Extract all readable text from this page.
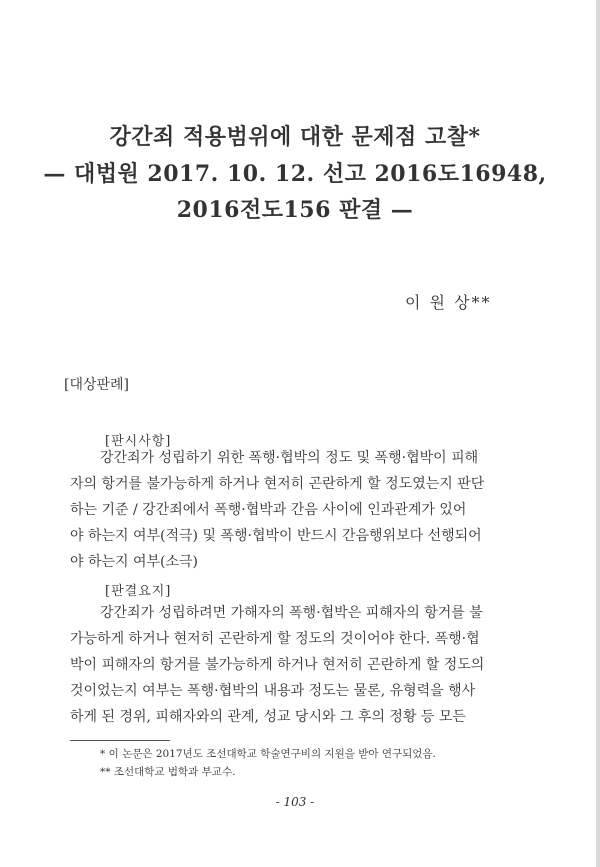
강간죄 적용범위에 대한 문제점 고찰*
— 대법원 2017. 10. 12. 선고 2016도16948,
2016전도156 판결 —
이 원 상**
[대상판례]
[판시사항]
강간죄가 성립하기 위한 폭행·협박의 정도 및 폭행·협박이 피해
자의 항거를 불가능하게 하거나 현저히 곤란하게 할 정도였는지 판단
하는 기준 / 강간죄에서 폭행·협박과 간음 사이에 인과관계가 있어
야 하는지 여부(적극) 및 폭행·협박이 반드시 간음행위보다 선행되어
야 하는지 여부(소극)
[판결요지]
강간죄가 성립하려면 가해자의 폭행·협박은 피해자의 항거를 불
가능하게 하거나 현저히 곤란하게 할 정도의 것이어야 한다. 폭행·협
박이 피해자의 항거를 불가능하게 하거나 현저히 곤란하게 할 정도의
것이었는지 여부는 폭행·협박의 내용과 정도는 물론, 유형력을 행사
하게 된 경위, 피해자와의 관계, 성교 당시와 그 후의 정황 등 모든
* 이 논문은 2017년도 조선대학교 학술연구비의 지원을 받아 연구되었음.
** 조선대학교 법학과 부교수.
- 103 -
